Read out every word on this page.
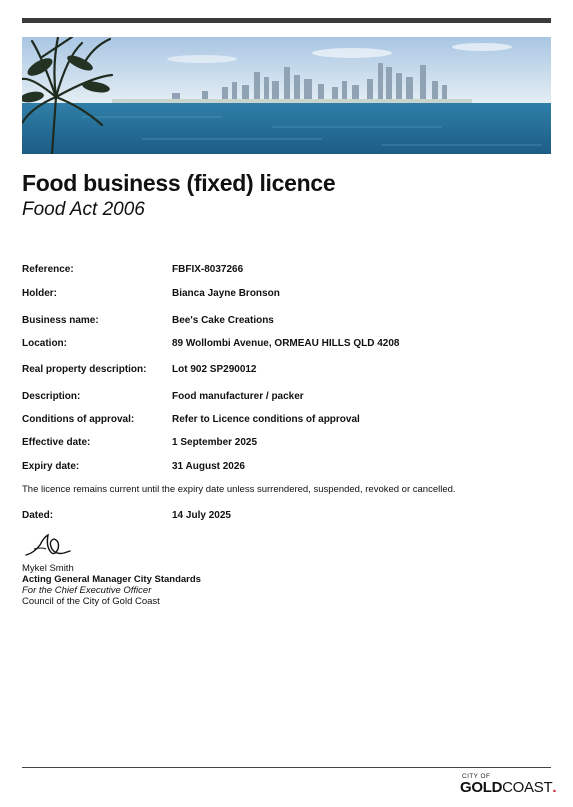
Food business (fixed) licence
Food Act 2006
Reference:	FBFIX-8037266
Holder:	Bianca Jayne Bronson
Business name:	Bee's Cake Creations
Location:	89 Wollombi Avenue, ORMEAU HILLS QLD 4208
Real property description:	Lot 902 SP290012
Description:	Food manufacturer / packer
Conditions of approval:	Refer to Licence conditions of approval
Effective date:	1 September 2025
Expiry date:	31 August 2026
The licence remains current until the expiry date unless surrendered, suspended, revoked or cancelled.
Dated:	14 July 2025
Mykel Smith
Acting General Manager City Standards
For the Chief Executive Officer
Council of the City of Gold Coast
CITY OF
GOLDCOAST.
